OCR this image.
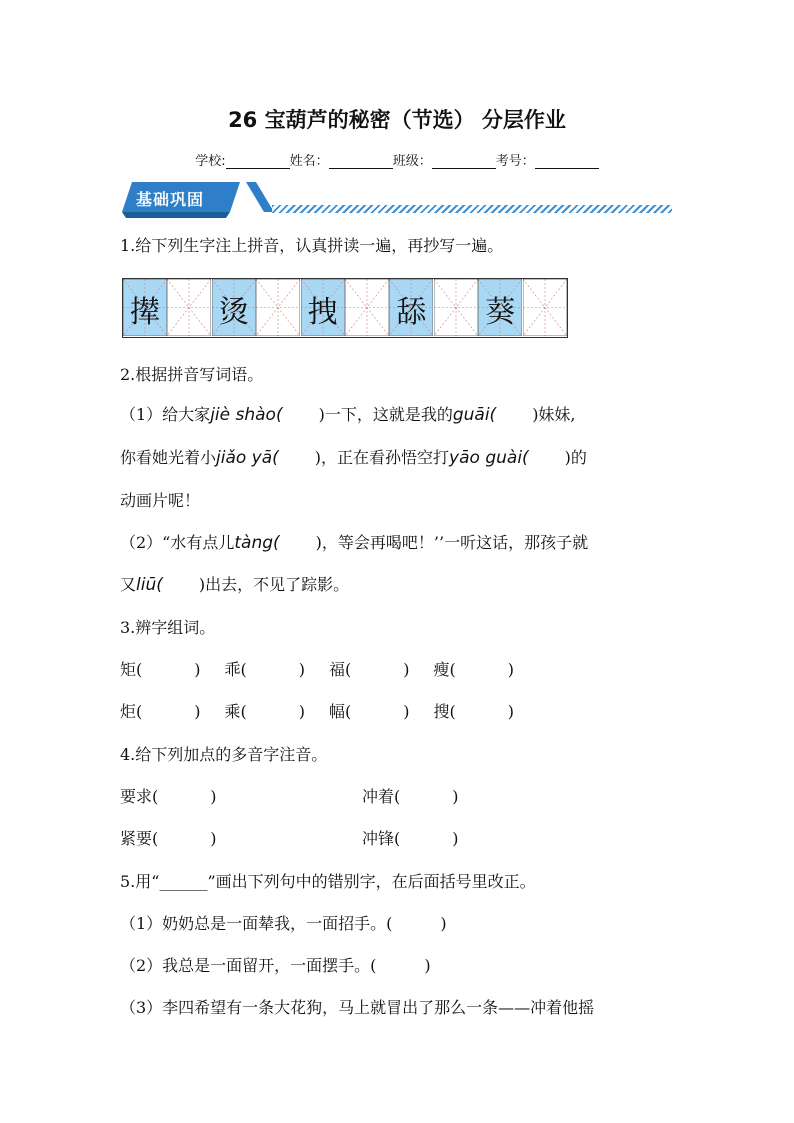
26 宝葫芦的秘密（节选） 分层作业
学校:	姓名：	班级：	考号：
基础巩固
1.给下列生字注上拼音，认真拼读一遍，再抄写一遍。
撵 烫 拽 舔 葵
2.根据拼音写词语。
（1）给大家jiè shào( )一下，这就是我的guāi( )妹妹,
你看她光着小jiǎo yā( )，正在看孙悟空打yāo guài( )的
动画片呢！
（2）“水有点儿tàng( )，等会再喝吧！’’一听这话，那孩子就
又liū( )出去，不见了踪影。
3.辨字组词。
矩(	) 乖(	) 福(	) 瘦(	)
炬(	) 乘(	) 幅(	) 搜(	)
4.给下列加点的多音字注音。
要求(	)	冲着(	)
紧要(	)	冲锋(	)
5.用“______”画出下列句中的错别字，在后面括号里改正。
（1）奶奶总是一面辇我，一面招手。(　　　)
（2）我总是一面留开，一面摆手。(　　　)
（3）李四希望有一条大花狗，马上就冒出了那么一条——冲着他摇
